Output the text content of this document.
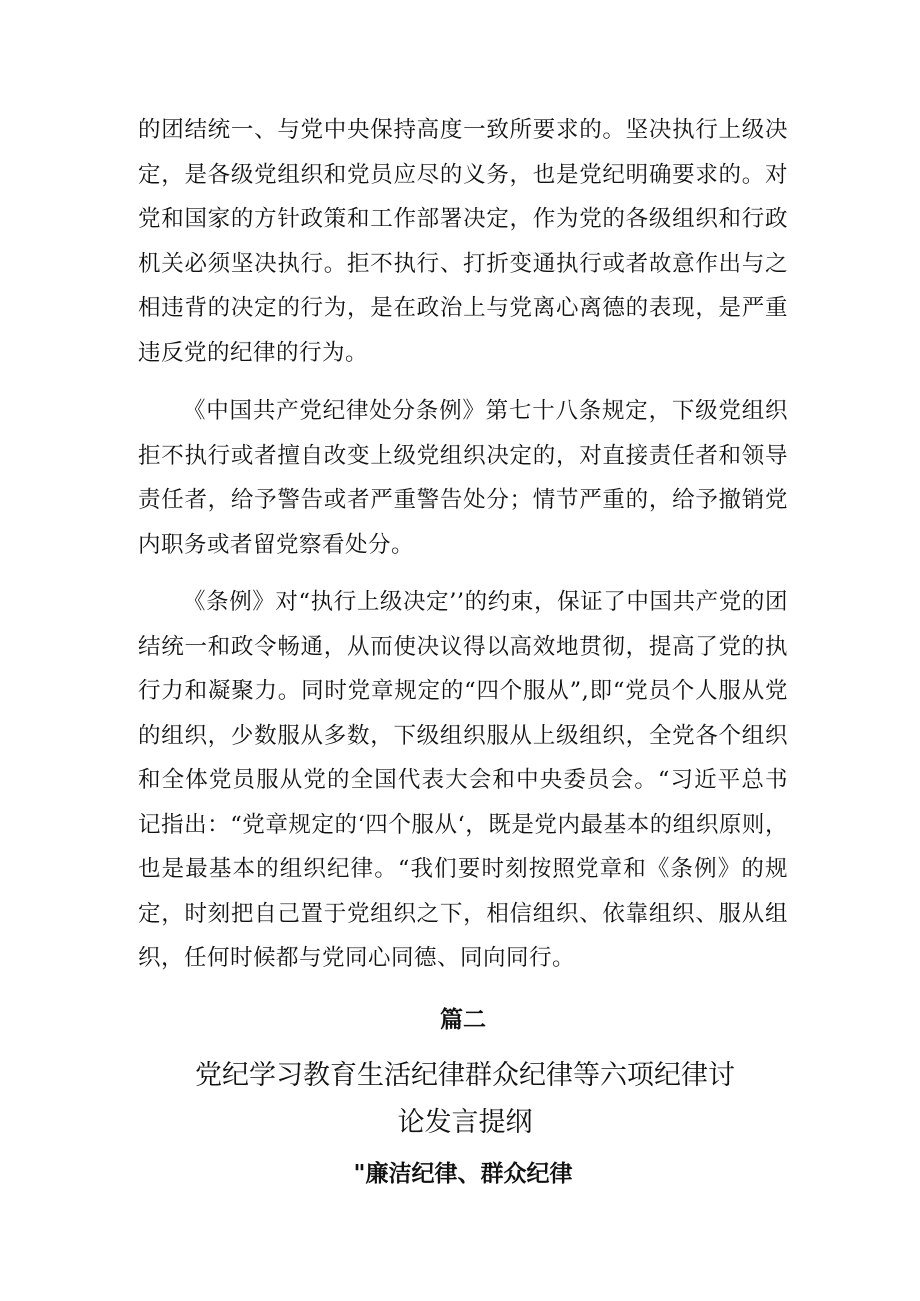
的团结统一、与党中央保持高度一致所要求的。坚决执行上级决定，是各级党组织和党员应尽的义务，也是党纪明确要求的。对党和国家的方针政策和工作部署决定，作为党的各级组织和行政机关必须坚决执行。拒不执行、打折变通执行或者故意作出与之相违背的决定的行为，是在政治上与党离心离德的表现，是严重违反党的纪律的行为。

《中国共产党纪律处分条例》第七十八条规定，下级党组织拒不执行或者擅自改变上级党组织决定的，对直接责任者和领导责任者，给予警告或者严重警告处分；情节严重的，给予撤销党内职务或者留党察看处分。

《条例》对“执行上级决定’’的约束，保证了中国共产党的团结统一和政令畅通，从而使决议得以高效地贯彻，提高了党的执行力和凝聚力。同时党章规定的“四个服从”,即“党员个人服从党的组织，少数服从多数，下级组织服从上级组织，全党各个组织和全体党员服从党的全国代表大会和中央委员会。“习近平总书记指出：“党章规定的‘四个服从‘，既是党内最基本的组织原则，也是最基本的组织纪律。“我们要时刻按照党章和《条例》的规定，时刻把自己置于党组织之下，相信组织、依靠组织、服从组织，任何时候都与党同心同德、同向同行。

篇二
党纪学习教育生活纪律群众纪律等六项纪律讨论发言提纲
"廉洁纪律、群众纪律
